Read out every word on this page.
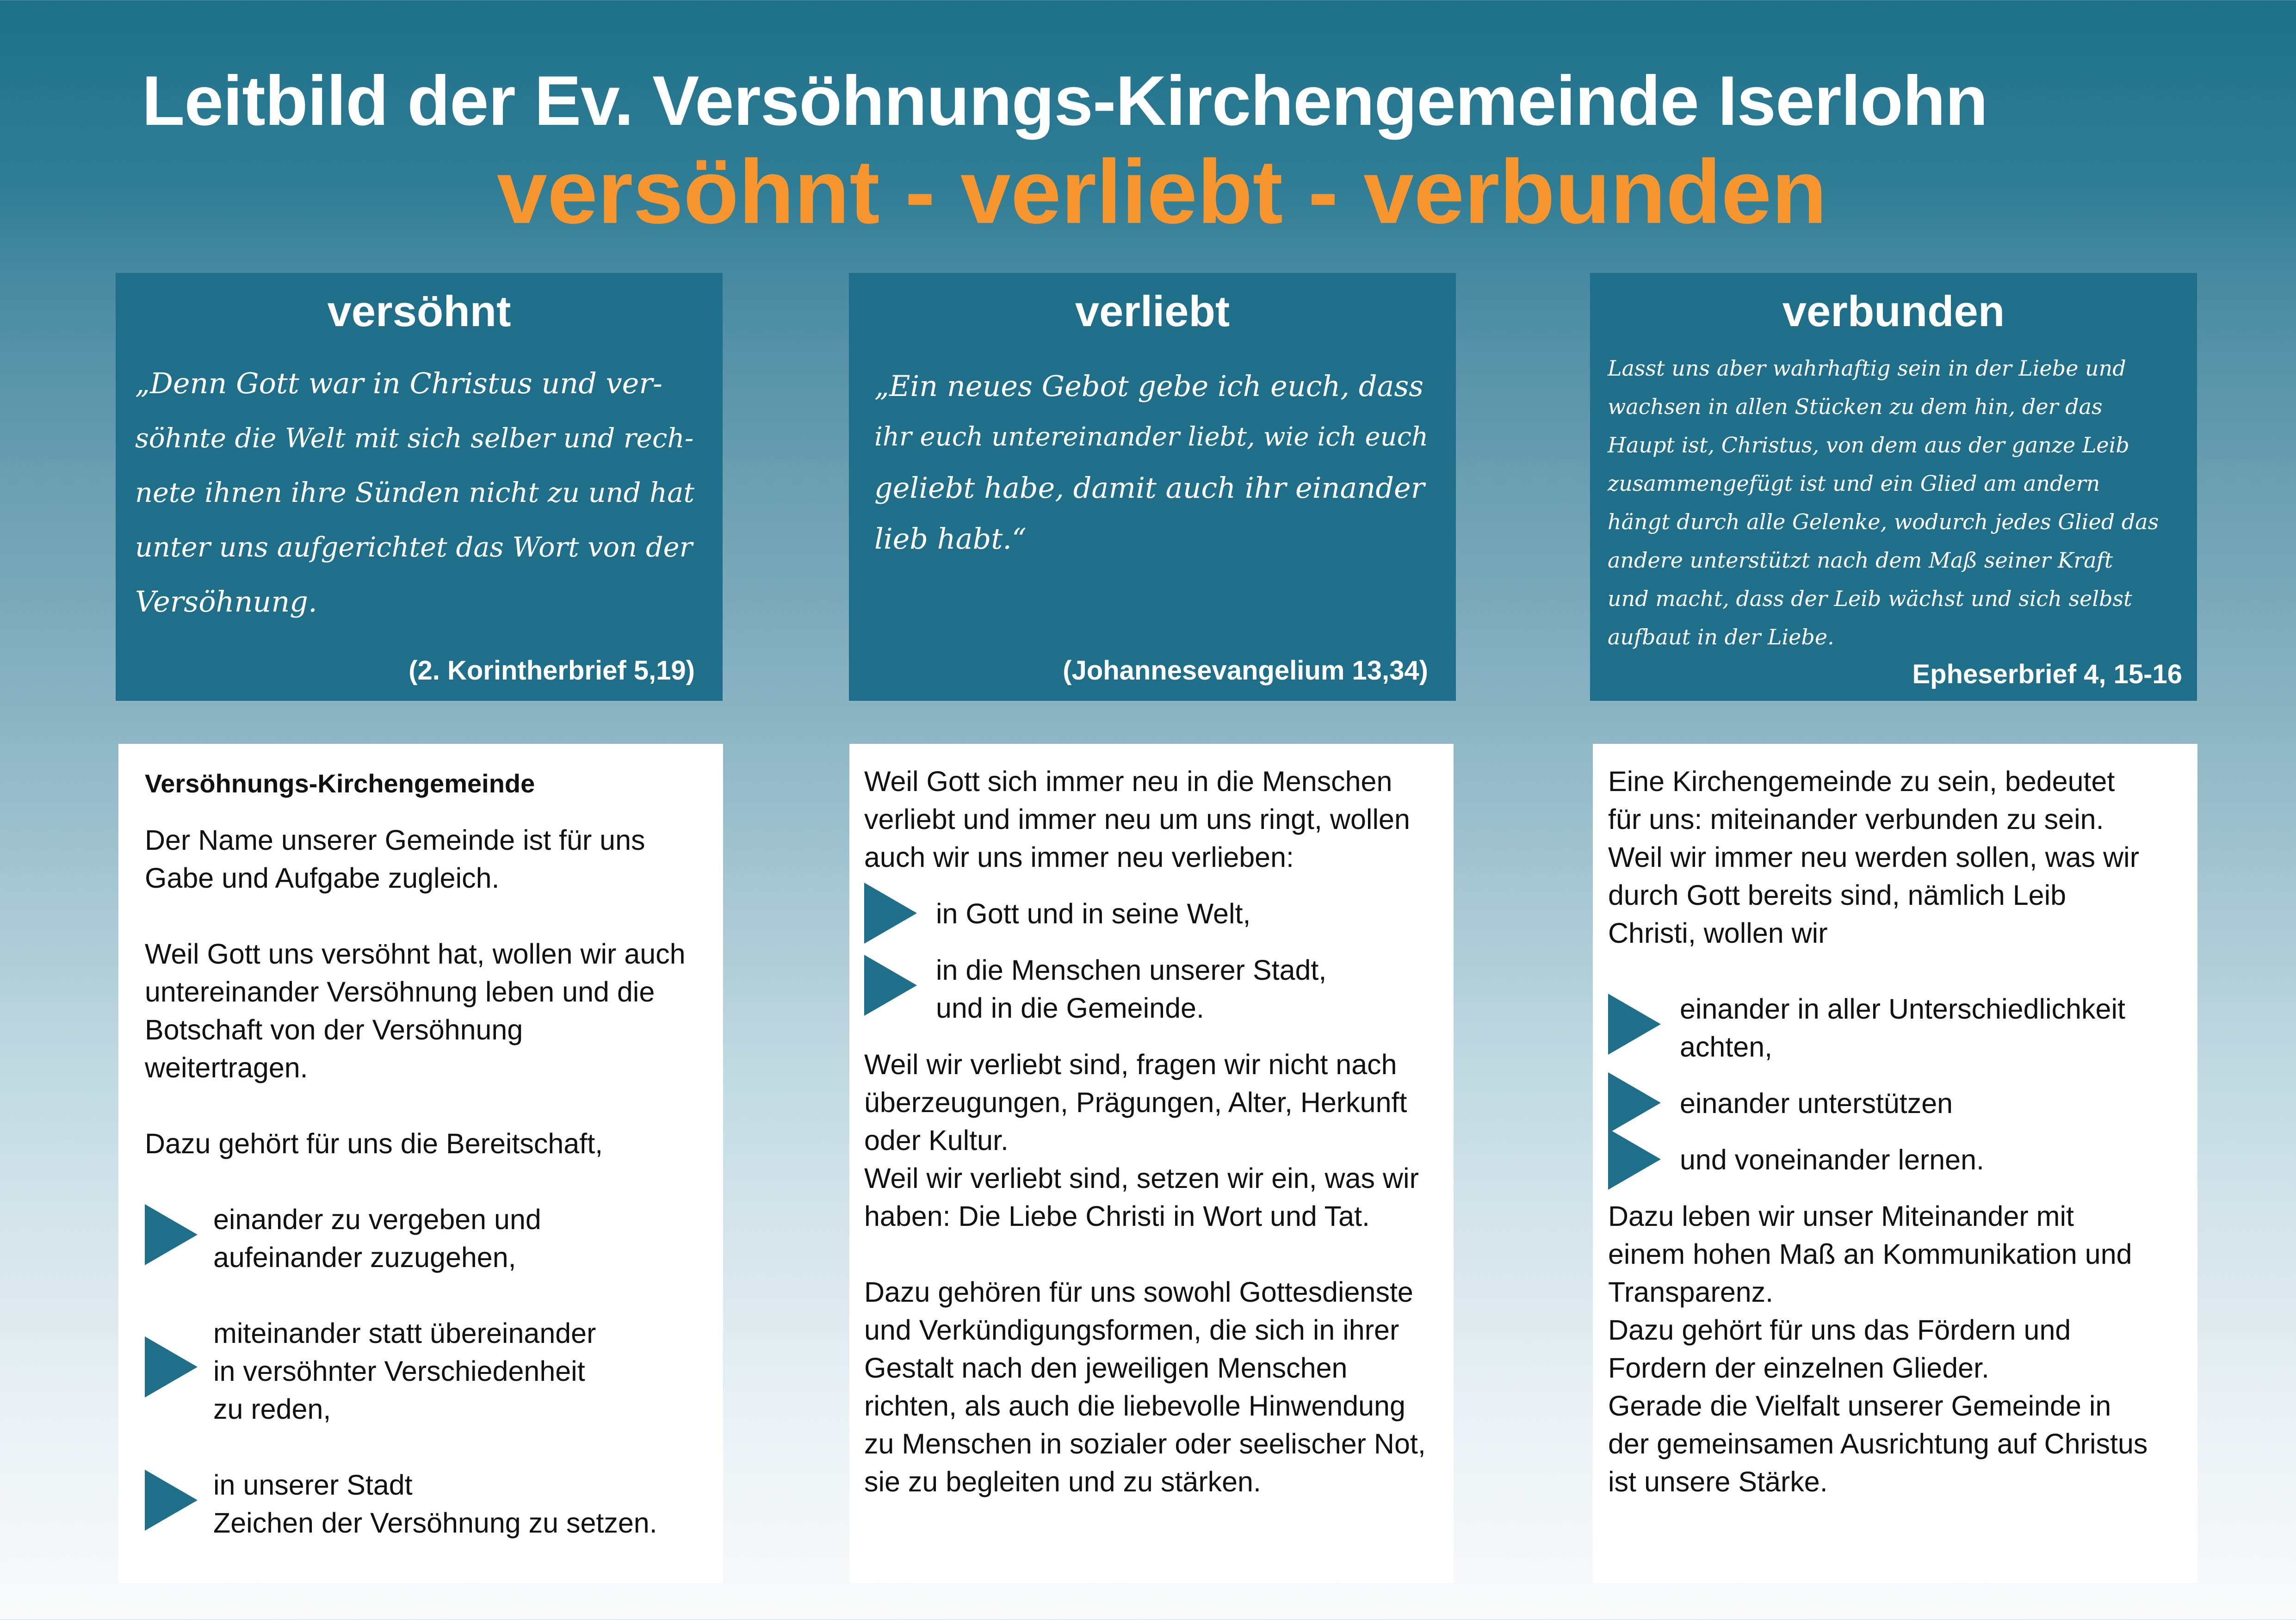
Leitbild der Ev. Versöhnungs-Kirchengemeinde Iserlohn
versöhnt - verliebt - verbunden
versöhnt
„Denn Gott war in Christus und ver-
söhnte die Welt mit sich selber und rech-
nete ihnen ihre Sünden nicht zu und hat
unter uns aufgerichtet das Wort von der
Versöhnung.
(2. Korintherbrief 5,19)
verliebt
„Ein neues Gebot gebe ich euch, dass
ihr euch untereinander liebt, wie ich euch
geliebt habe, damit auch ihr einander
lieb habt.“
(Johannesevangelium 13,34)
verbunden
Lasst uns aber wahrhaftig sein in der Liebe und
wachsen in allen Stücken zu dem hin, der das
Haupt ist, Christus, von dem aus der ganze Leib
zusammengefügt ist und ein Glied am andern
hängt durch alle Gelenke, wodurch jedes Glied das
andere unterstützt nach dem Maß seiner Kraft
und macht, dass der Leib wächst und sich selbst
aufbaut in der Liebe.
Epheserbrief 4, 15-16
Versöhnungs-Kirchengemeinde
Der Name unserer Gemeinde ist für uns
Gabe und Aufgabe zugleich.
Weil Gott uns versöhnt hat, wollen wir auch
untereinander Versöhnung leben und die
Botschaft von der Versöhnung
weitertragen.
Dazu gehört für uns die Bereitschaft,
einander zu vergeben und
aufeinander zuzugehen,
miteinander statt übereinander
in versöhnter Verschiedenheit
zu reden,
in unserer Stadt
Zeichen der Versöhnung zu setzen.
Weil Gott sich immer neu in die Menschen
verliebt und immer neu um uns ringt, wollen
auch wir uns immer neu verlieben:
in Gott und in seine Welt,
in die Menschen unserer Stadt,
und in die Gemeinde.
Weil wir verliebt sind, fragen wir nicht nach
überzeugungen, Prägungen, Alter, Herkunft
oder Kultur.
Weil wir verliebt sind, setzen wir ein, was wir
haben: Die Liebe Christi in Wort und Tat.
Dazu gehören für uns sowohl Gottesdienste
und Verkündigungsformen, die sich in ihrer
Gestalt nach den jeweiligen Menschen
richten, als auch die liebevolle Hinwendung
zu Menschen in sozialer oder seelischer Not,
sie zu begleiten und zu stärken.
Eine Kirchengemeinde zu sein, bedeutet
für uns: miteinander verbunden zu sein.
Weil wir immer neu werden sollen, was wir
durch Gott bereits sind, nämlich Leib
Christi, wollen wir
einander in aller Unterschiedlichkeit
achten,
einander unterstützen
und voneinander lernen.
Dazu leben wir unser Miteinander mit
einem hohen Maß an Kommunikation und
Transparenz.
Dazu gehört für uns das Fördern und
Fordern der einzelnen Glieder.
Gerade die Vielfalt unserer Gemeinde in
der gemeinsamen Ausrichtung auf Christus
ist unsere Stärke.
